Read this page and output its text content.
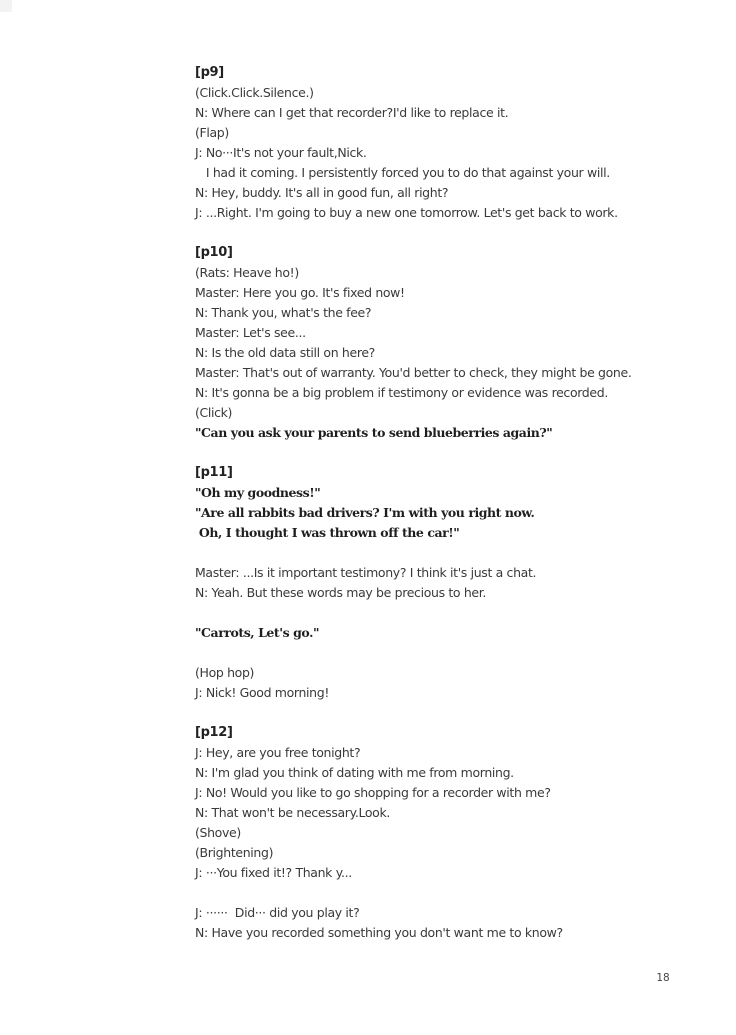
[p9]
(Click.Click.Silence.)
N: Where can I get that recorder?I'd like to replace it.
(Flap)
J: No···It's not your fault,Nick.
I had it coming. I persistently forced you to do that against your will.
N: Hey, buddy. It's all in good fun, all right?
J: ...Right. I'm going to buy a new one tomorrow. Let's get back to work.
[p10]
(Rats: Heave ho!)
Master: Here you go. It's fixed now!
N: Thank you, what's the fee?
Master: Let's see...
N: Is the old data still on here?
Master: That's out of warranty. You'd better to check, they might be gone.
N: It's gonna be a big problem if testimony or evidence was recorded.
(Click)
"Can you ask your parents to send blueberries again?"
[p11]
"Oh my goodness!"
"Are all rabbits bad drivers? I'm with you right now.
Oh, I thought I was thrown off the car!"
Master: ...Is it important testimony? I think it's just a chat.
N: Yeah. But these words may be precious to her.
"Carrots, Let's go."
(Hop hop)
J: Nick! Good morning!
[p12]
J: Hey, are you free tonight?
N: I'm glad you think of dating with me from morning.
J: No! Would you like to go shopping for a recorder with me?
N: That won't be necessary.Look.
(Shove)
(Brightening)
J: ···You fixed it!? Thank y...
J: ······  Did··· did you play it?
N: Have you recorded something you don't want me to know?
18
